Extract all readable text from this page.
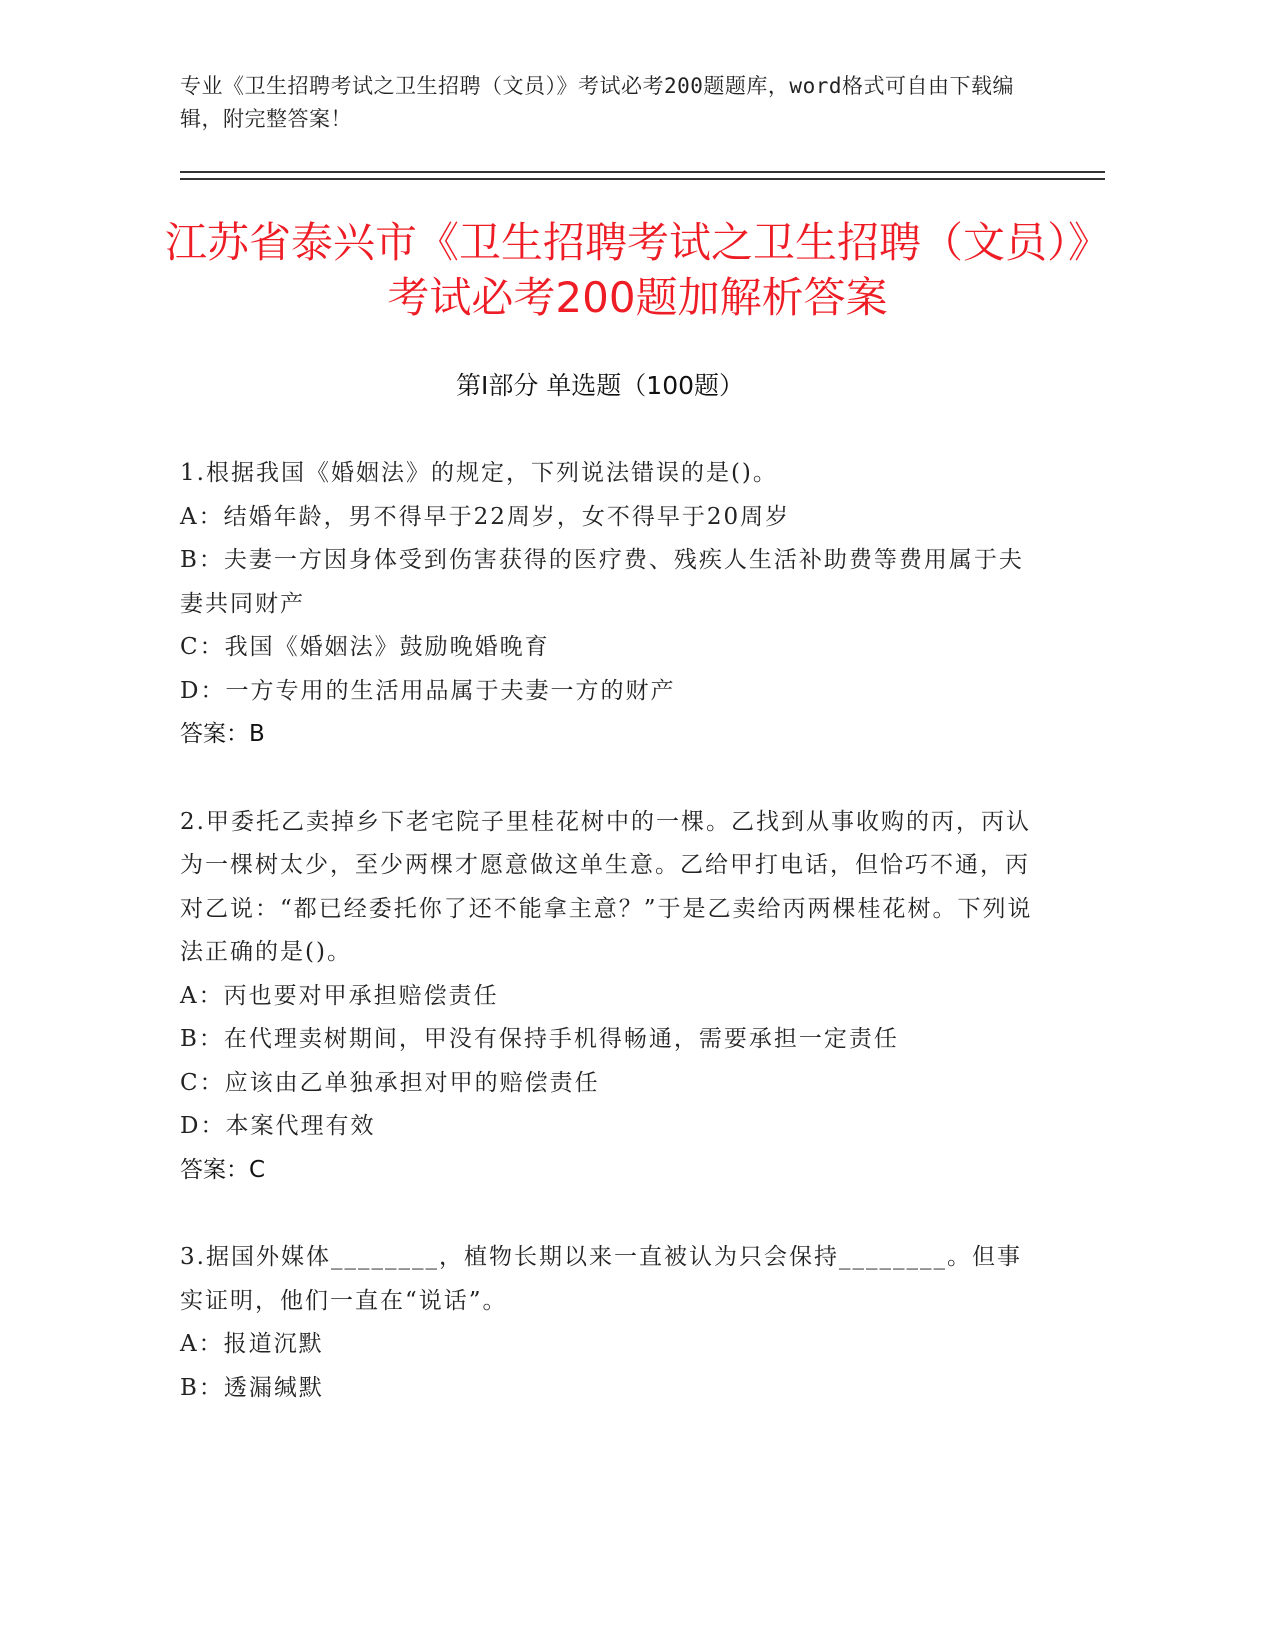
专业《卫生招聘考试之卫生招聘（文员）》考试必考200题题库，word格式可自由下载编辑，附完整答案！
江苏省泰兴市《卫生招聘考试之卫生招聘（文员）》考试必考200题加解析答案
第I部分 单选题（100题）
1.根据我国《婚姻法》的规定，下列说法错误的是()。
A：结婚年龄，男不得早于22周岁，女不得早于20周岁
B：夫妻一方因身体受到伤害获得的医疗费、残疾人生活补助费等费用属于夫妻共同财产
C：我国《婚姻法》鼓励晚婚晚育
D：一方专用的生活用品属于夫妻一方的财产
答案：B
2.甲委托乙卖掉乡下老宅院子里桂花树中的一棵。乙找到从事收购的丙，丙认为一棵树太少，至少两棵才愿意做这单生意。乙给甲打电话，但恰巧不通，丙对乙说：“都已经委托你了还不能拿主意？”于是乙卖给丙两棵桂花树。下列说法正确的是()。
A：丙也要对甲承担赔偿责任
B：在代理卖树期间，甲没有保持手机得畅通，需要承担一定责任
C：应该由乙单独承担对甲的赔偿责任
D：本案代理有效
答案：C
3.据国外媒体________，植物长期以来一直被认为只会保持________。但事实证明，他们一直在“说话”。
A：报道沉默
B：透漏缄默
